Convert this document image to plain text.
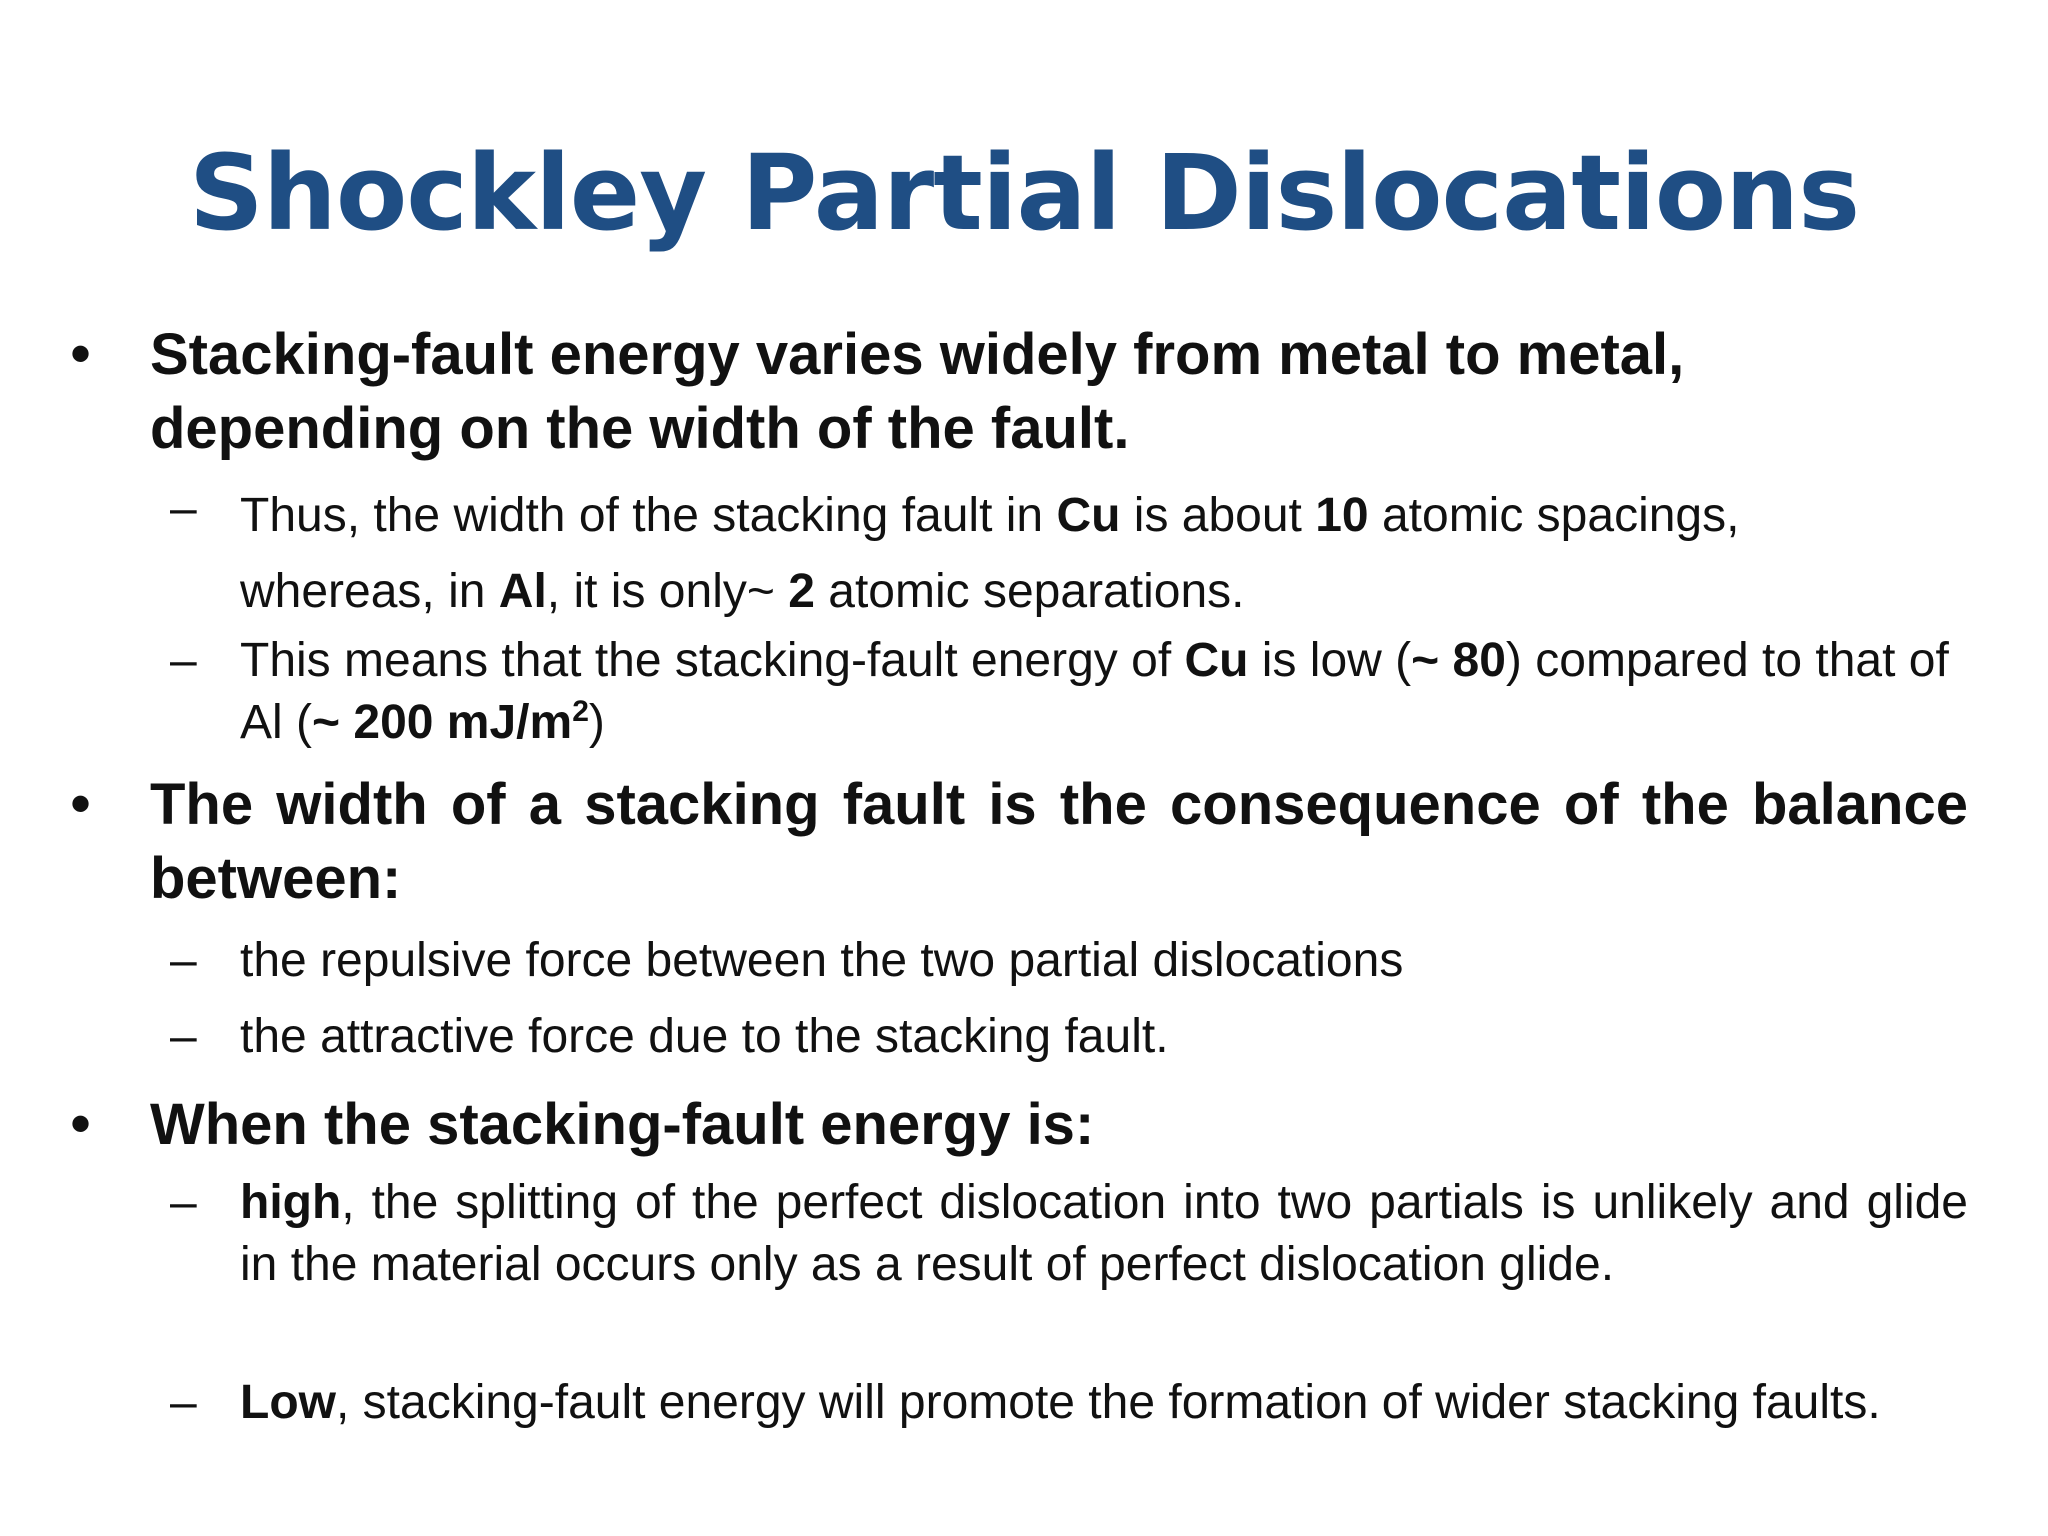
Shockley Partial Dislocations
• Stacking-fault energy varies widely from metal to metal, depending on the width of the fault.
– Thus, the width of the stacking fault in Cu is about 10 atomic spacings,
whereas, in Al, it is only~ 2 atomic separations.
– This means that the stacking-fault energy of Cu is low (~ 80) compared to that of Al (~ 200 $mJ/m^2$)
• The width of a stacking fault is the consequence of the balance between:
– the repulsive force between the two partial dislocations
– the attractive force due to the stacking fault.
• When the stacking-fault energy is:
– high, the splitting of the perfect dislocation into two partials is unlikely and glide in the material occurs only as a result of perfect dislocation glide.
– Low, stacking-fault energy will promote the formation of wider stacking faults.
